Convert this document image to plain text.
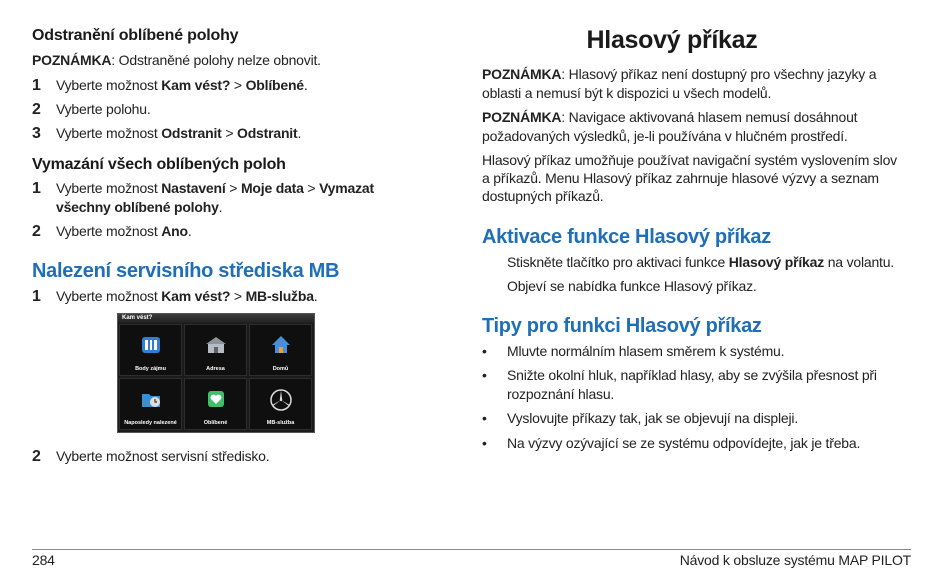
Odstranění oblíbené polohy
POZNÁMKA: Odstraněné polohy nelze obnovit.
1	Vyberte možnost Kam vést? > Oblíbené.
2	Vyberte polohu.
3	Vyberte možnost Odstranit > Odstranit.
Vymazání všech oblíbených poloh
1	Vyberte možnost Nastavení > Moje data > Vymazat všechny oblíbené polohy.
2	Vyberte možnost Ano.
Nalezení servisního střediska MB
1	Vyberte možnost Kam vést? > MB-služba.
2	Vyberte možnost servisní středisko.
Kam vést?
Body zájmu	Adresa	Domů
Naposledy nalezené	Oblíbené	MB-služba
Hlasový příkaz
POZNÁMKA: Hlasový příkaz není dostupný pro všechny jazyky a oblasti a nemusí být k dispozici u všech modelů.
POZNÁMKA: Navigace aktivovaná hlasem nemusí dosáhnout požadovaných výsledků, je-li používána v hlučném prostředí.
Hlasový příkaz umožňuje používat navigační systém vyslovením slov a příkazů. Menu Hlasový příkaz zahrnuje hlasové výzvy a seznam dostupných příkazů.
Aktivace funkce Hlasový příkaz
Stiskněte tlačítko pro aktivaci funkce Hlasový příkaz na volantu.
Objeví se nabídka funkce Hlasový příkaz.
Tipy pro funkci Hlasový příkaz
• Mluvte normálním hlasem směrem k systému.
• Snižte okolní hluk, například hlasy, aby se zvýšila přesnost při rozpoznání hlasu.
• Vyslovujte příkazy tak, jak se objevují na displeji.
• Na výzvy ozývající se ze systému odpovídejte, jak je třeba.
284	Návod k obsluze systému MAP PILOT
